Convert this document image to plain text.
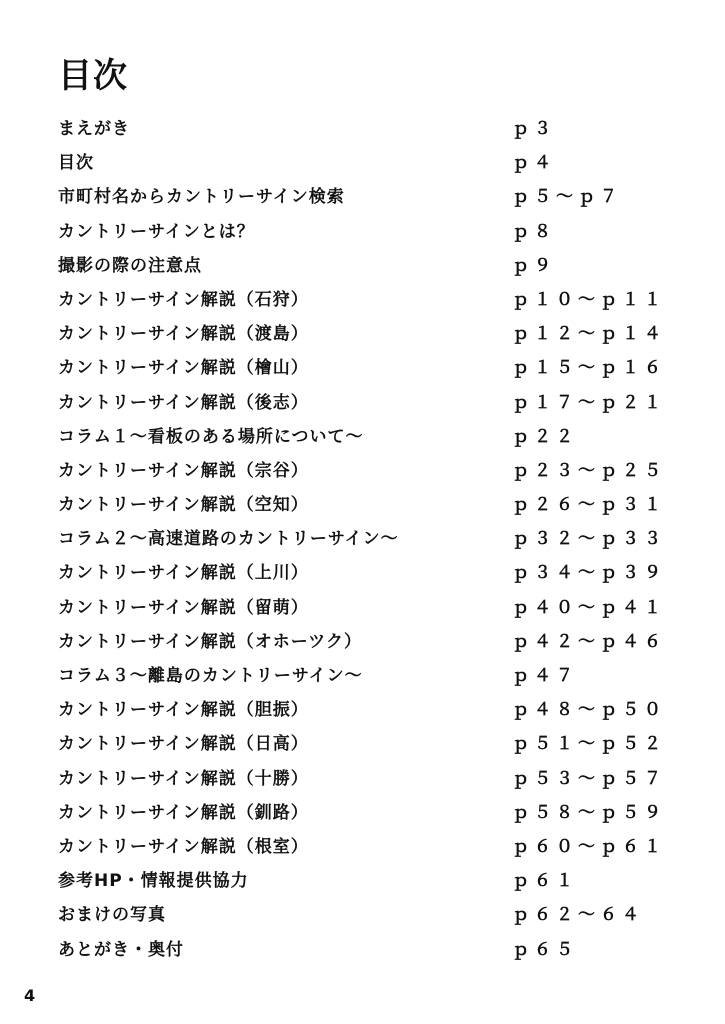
目次
まえがき	ｐ３
目次	ｐ４
市町村名からカントリーサイン検索	ｐ５～ｐ７
カントリーサインとは？	ｐ８
撮影の際の注意点	ｐ９
カントリーサイン解説（石狩）	ｐ１０～ｐ１１
カントリーサイン解説（渡島）	ｐ１２～ｐ１４
カントリーサイン解説（檜山）	ｐ１５～ｐ１６
カントリーサイン解説（後志）	ｐ１７～ｐ２１
コラム１～看板のある場所について～	ｐ２２
カントリーサイン解説（宗谷）	ｐ２３～ｐ２５
カントリーサイン解説（空知）	ｐ２６～ｐ３１
コラム２～高速道路のカントリーサイン～	ｐ３２～ｐ３３
カントリーサイン解説（上川）	ｐ３４～ｐ３９
カントリーサイン解説（留萌）	ｐ４０～ｐ４１
カントリーサイン解説（オホーツク）	ｐ４２～ｐ４６
コラム３～離島のカントリーサイン～	ｐ４７
カントリーサイン解説（胆振）	ｐ４８～ｐ５０
カントリーサイン解説（日高）	ｐ５１～ｐ５２
カントリーサイン解説（十勝）	ｐ５３～ｐ５７
カントリーサイン解説（釧路）	ｐ５８～ｐ５９
カントリーサイン解説（根室）	ｐ６０～ｐ６１
参考HP・情報提供協力	ｐ６１
おまけの写真	ｐ６２～６４
あとがき・奥付	ｐ６５
4
